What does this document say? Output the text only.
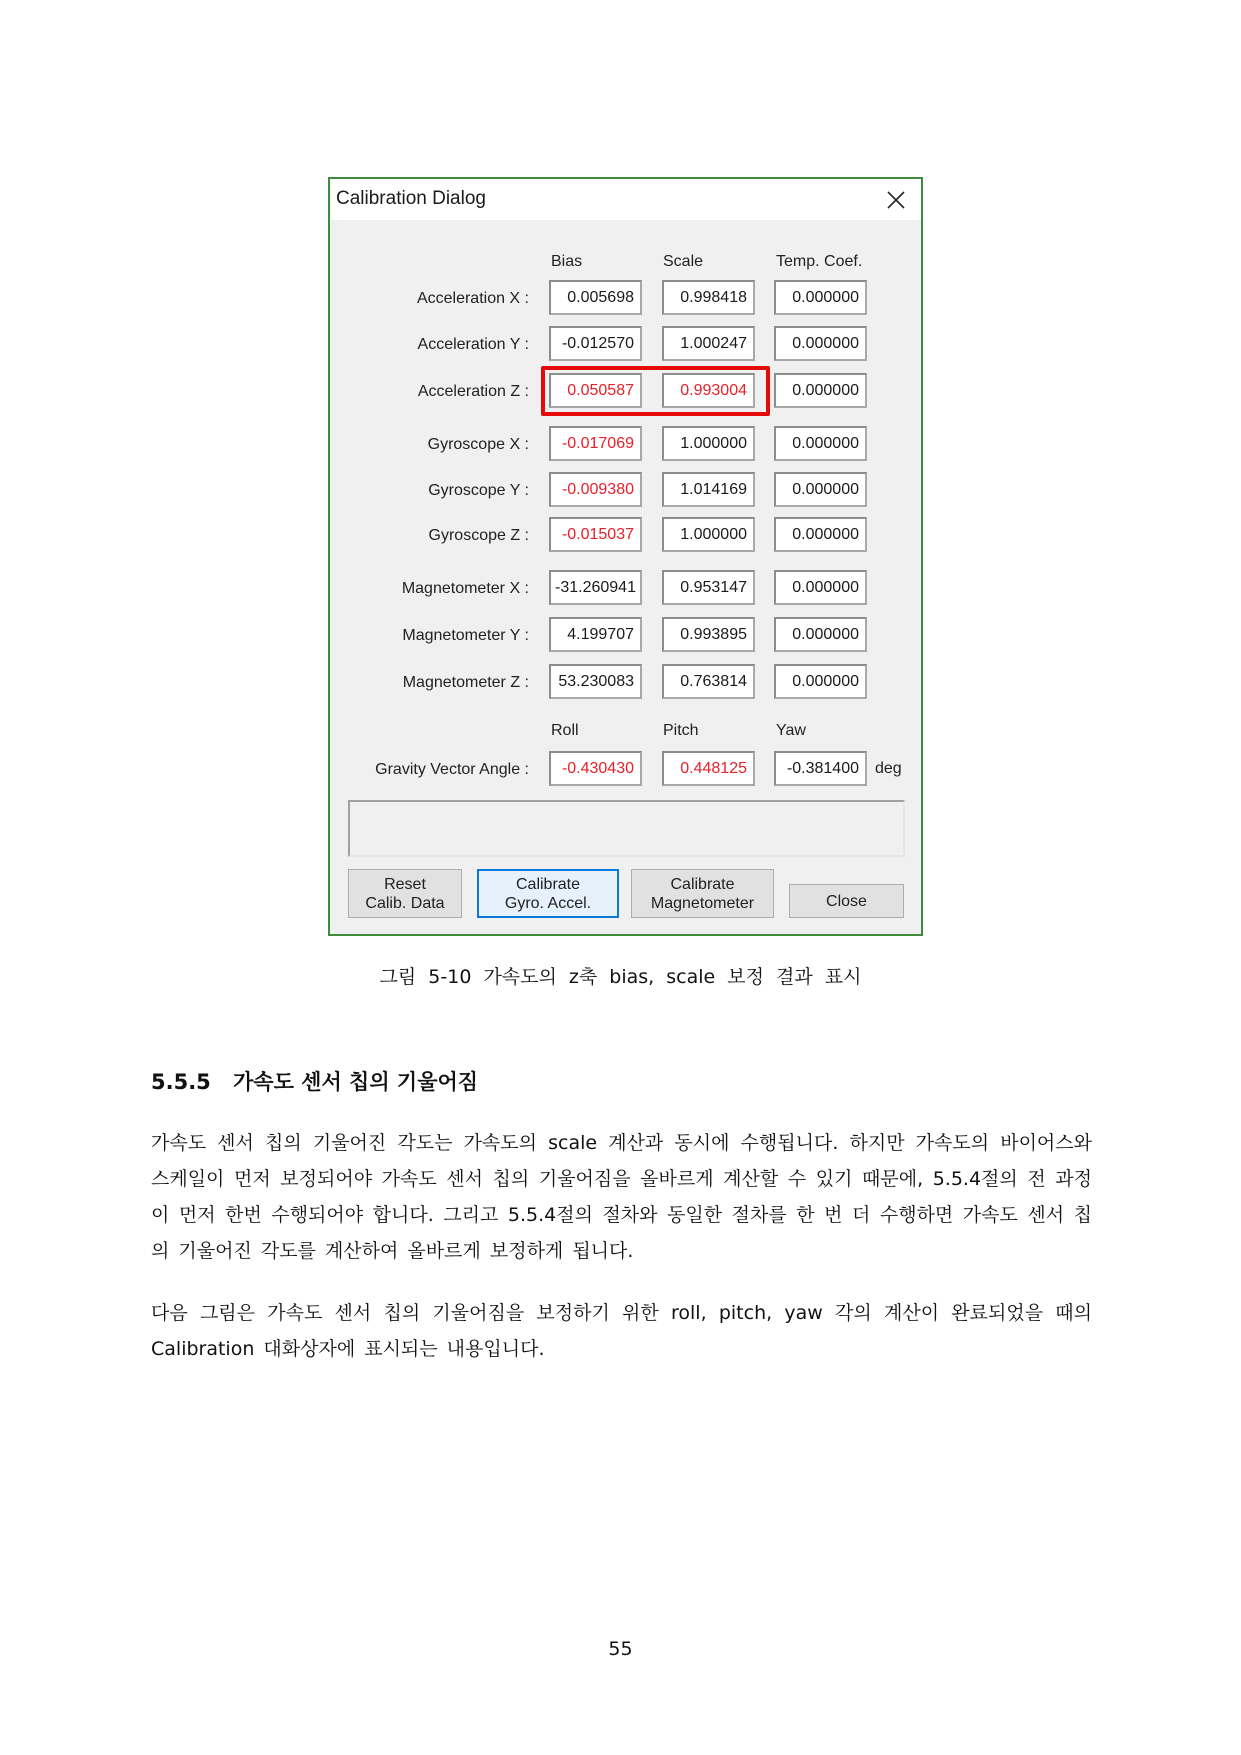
Calibration Dialog
Bias	Scale	Temp. Coef.
Acceleration X :	0.005698	0.998418	0.000000
Acceleration Y :	-0.012570	1.000247	0.000000
Acceleration Z :	0.050587	0.993004	0.000000
Gyroscope X :	-0.017069	1.000000	0.000000
Gyroscope Y :	-0.009380	1.014169	0.000000
Gyroscope Z :	-0.015037	1.000000	0.000000
Magnetometer X :	-31.260941	0.953147	0.000000
Magnetometer Y :	4.199707	0.993895	0.000000
Magnetometer Z :	53.230083	0.763814	0.000000
Roll	Pitch	Yaw
Gravity Vector Angle :	-0.430430	0.448125	-0.381400	deg
Reset
Calib. Data
Calibrate
Gyro. Accel.
Calibrate
Magnetometer	Close
그림 5-10 가속도의 z축 bias, scale 보정 결과 표시
5.5.5 가속도 센서 칩의 기울어짐

가속도 센서 칩의 기울어진 각도는 가속도의 scale 계산과 동시에 수행됩니다. 하지만 가속도의 바이어스와 스케일이 먼저 보정되어야 가속도 센서 칩의 기울어짐을 올바르게 계산할 수 있기 때문에, 5.5.4절의 전 과정이 먼저 한번 수행되어야 합니다. 그리고 5.5.4절의 절차와 동일한 절차를 한 번 더 수행하면 가속도 센서 칩의 기울어진 각도를 계산하여 올바르게 보정하게 됩니다.

다음 그림은 가속도 센서 칩의 기울어짐을 보정하기 위한 roll, pitch, yaw 각의 계산이 완료되었을 때의 Calibration 대화상자에 표시되는 내용입니다.

55
